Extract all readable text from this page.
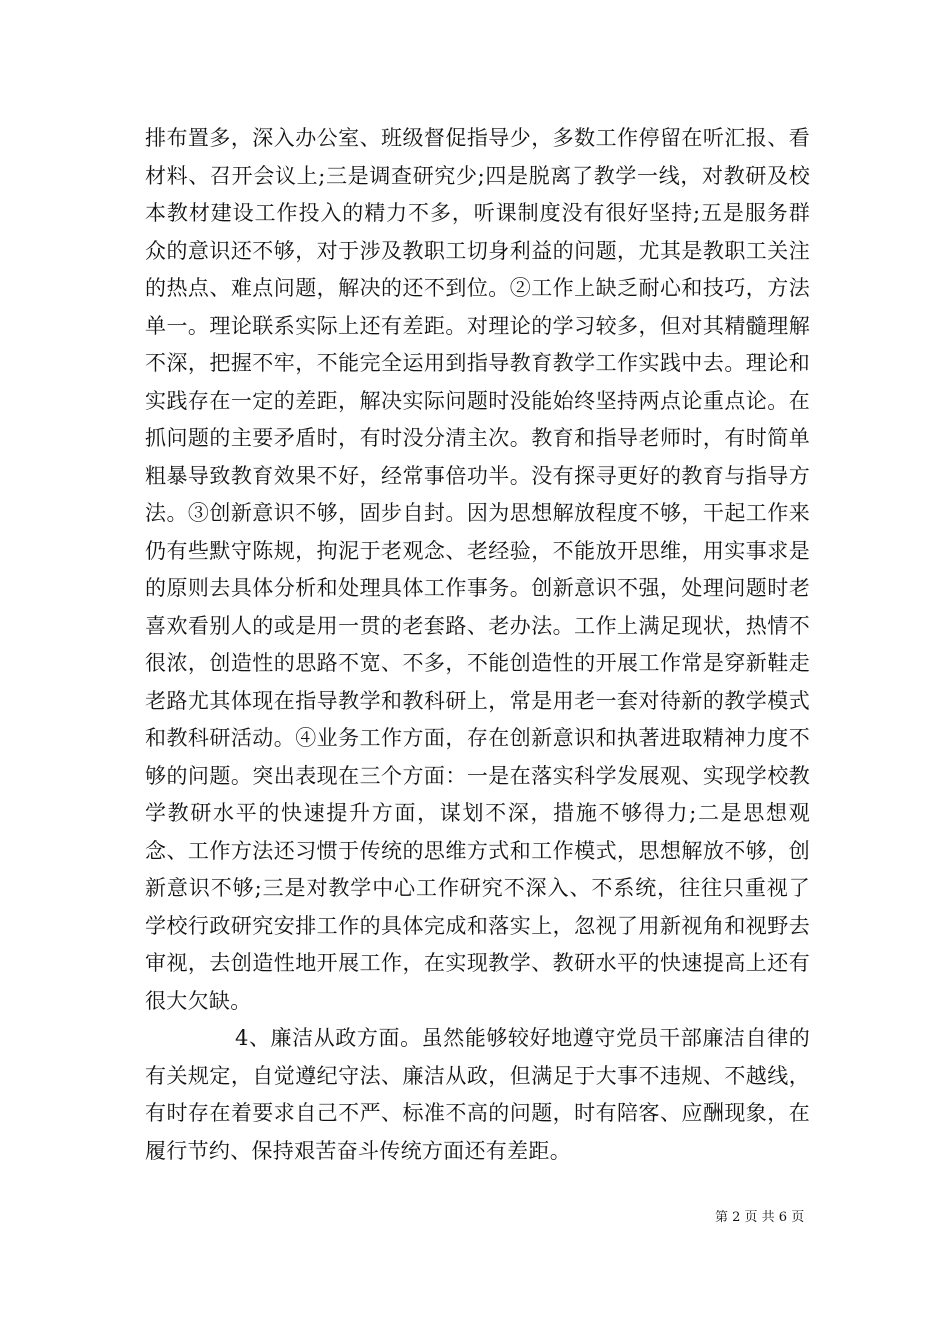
排布置多，深入办公室、班级督促指导少，多数工作停留在听汇报、看材料、召开会议上;三是调查研究少;四是脱离了教学一线，对教研及校本教材建设工作投入的精力不多，听课制度没有很好坚持;五是服务群众的意识还不够，对于涉及教职工切身利益的问题，尤其是教职工关注的热点、难点问题，解决的还不到位。②工作上缺乏耐心和技巧，方法单一。理论联系实际上还有差距。对理论的学习较多，但对其精髓理解不深，把握不牢，不能完全运用到指导教育教学工作实践中去。理论和实践存在一定的差距，解决实际问题时没能始终坚持两点论重点论。在抓问题的主要矛盾时，有时没分清主次。教育和指导老师时，有时简单粗暴导致教育效果不好，经常事倍功半。没有探寻更好的教育与指导方法。③创新意识不够，固步自封。因为思想解放程度不够，干起工作来仍有些默守陈规，拘泥于老观念、老经验，不能放开思维，用实事求是的原则去具体分析和处理具体工作事务。创新意识不强，处理问题时老喜欢看别人的或是用一贯的老套路、老办法。工作上满足现状，热情不很浓，创造性的思路不宽、不多，不能创造性的开展工作常是穿新鞋走老路尤其体现在指导教学和教科研上，常是用老一套对待新的教学模式和教科研活动。④业务工作方面，存在创新意识和执著进取精神力度不够的问题。突出表现在三个方面：一是在落实科学发展观、实现学校教学教研水平的快速提升方面，谋划不深，措施不够得力;二是思想观念、工作方法还习惯于传统的思维方式和工作模式，思想解放不够，创新意识不够;三是对教学中心工作研究不深入、不系统，往往只重视了学校行政研究安排工作的具体完成和落实上，忽视了用新视角和视野去审视，去创造性地开展工作，在实现教学、教研水平的快速提高上还有很大欠缺。

4、廉洁从政方面。虽然能够较好地遵守党员干部廉洁自律的有关规定，自觉遵纪守法、廉洁从政，但满足于大事不违规、不越线，有时存在着要求自己不严、标准不高的问题，时有陪客、应酬现象，在履行节约、保持艰苦奋斗传统方面还有差距。

第 2 页 共 6 页
